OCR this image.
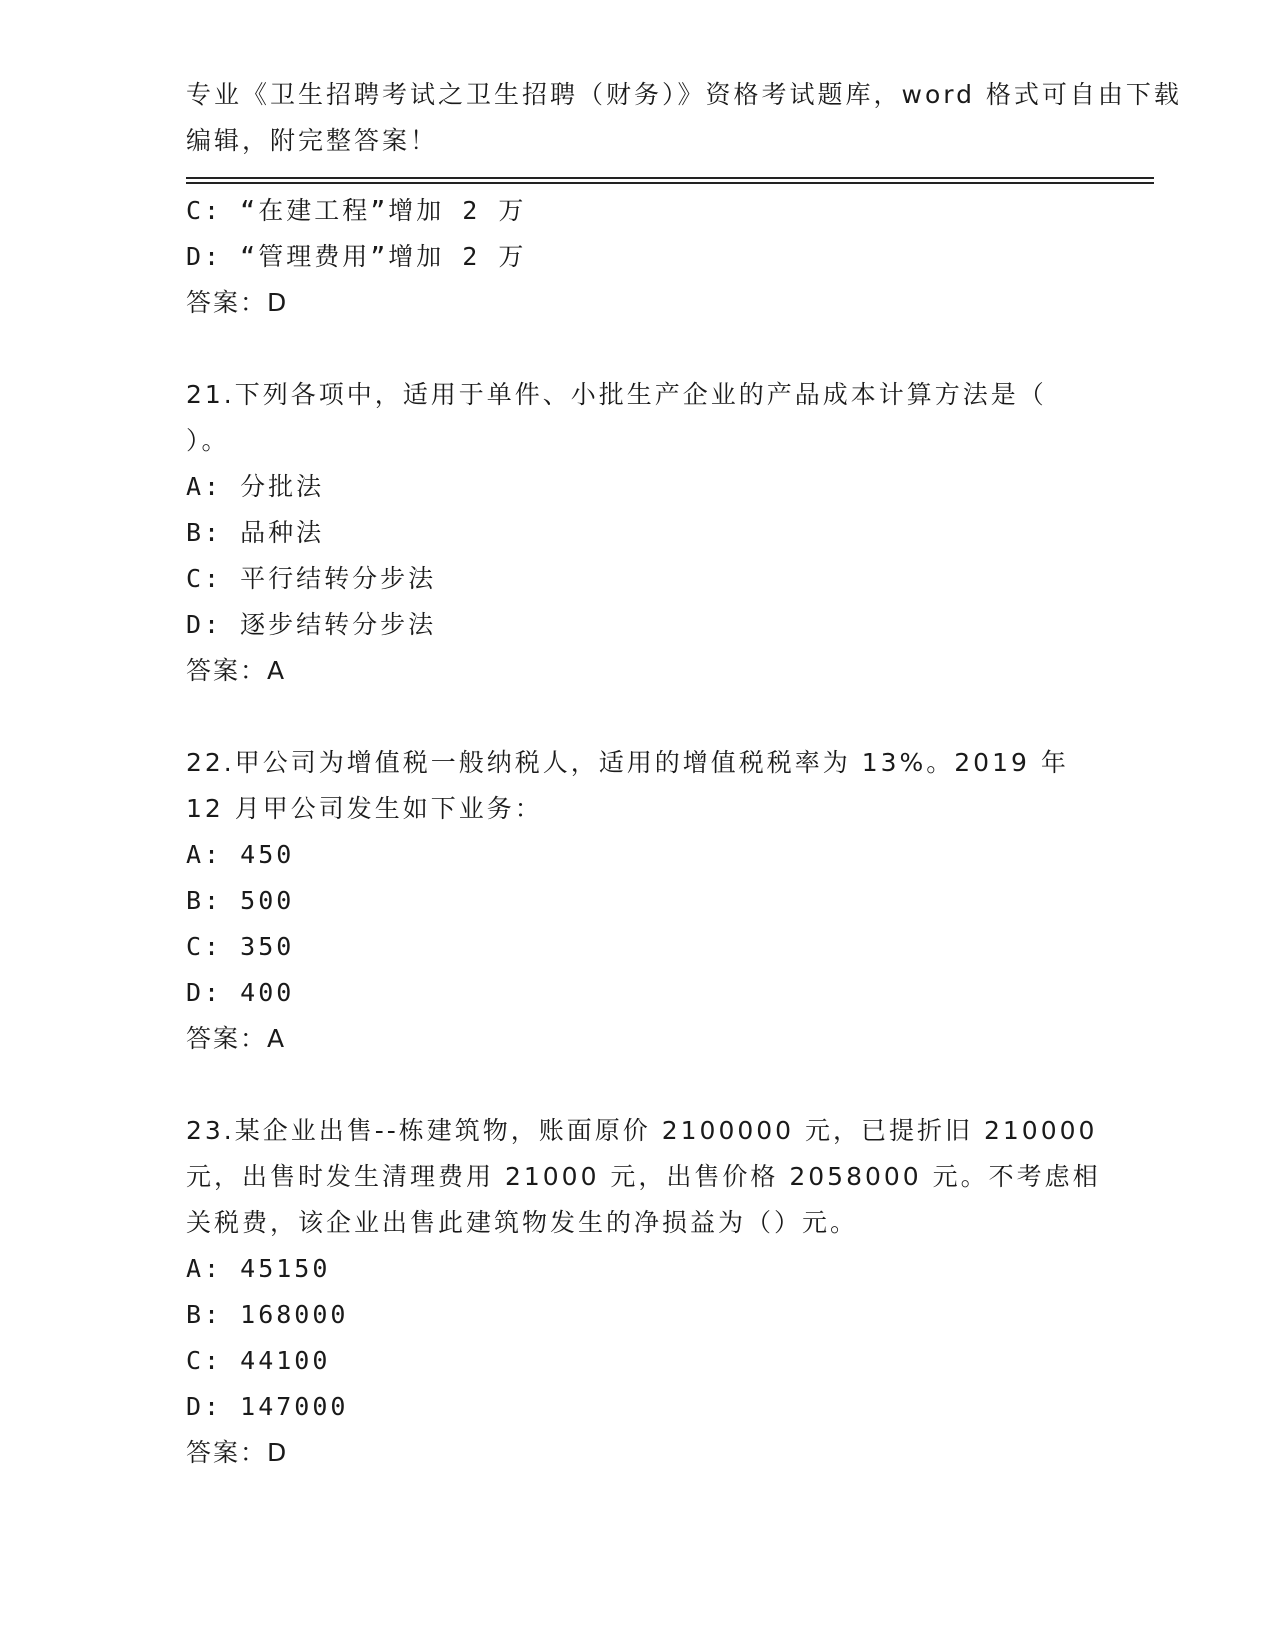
专业《卫生招聘考试之卫生招聘（财务）》资格考试题库，word 格式可自由下载
编辑，附完整答案！
C: “在建工程”增加 2 万
D: “管理费用”增加 2 万
答案：D
21.下列各项中，适用于单件、小批生产企业的产品成本计算方法是（
）。
A: 分批法
B: 品种法
C: 平行结转分步法
D: 逐步结转分步法
答案：A
22.甲公司为增值税一般纳税人，适用的增值税税率为 13%。2019 年
12 月甲公司发生如下业务：
A: 450
B: 500
C: 350
D: 400
答案：A
23.某企业出售--栋建筑物，账面原价 2100000 元，已提折旧 210000
元，出售时发生清理费用 21000 元，出售价格 2058000 元。不考虑相
关税费，该企业出售此建筑物发生的净损益为（）元。
A: 45150
B: 168000
C: 44100
D: 147000
答案：D
